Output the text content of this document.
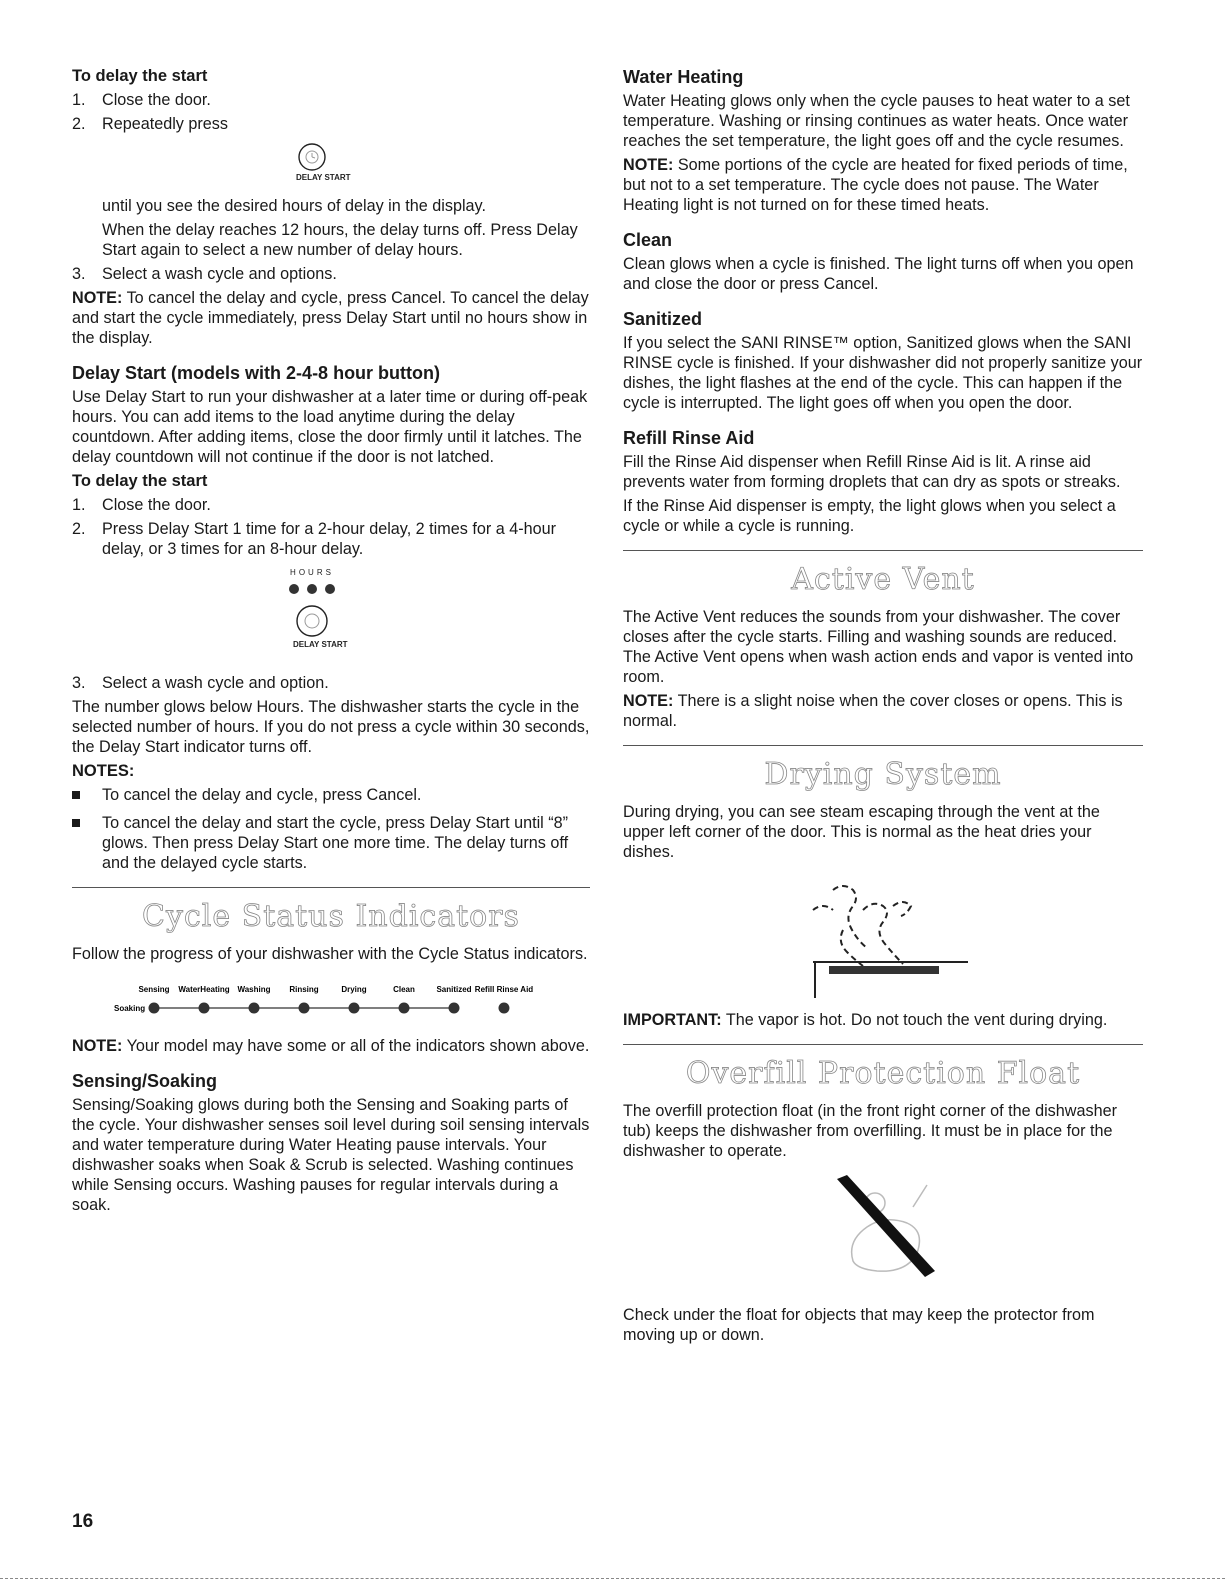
To delay the start
1. Close the door.
2. Repeatedly press
DELAY START

until you see the desired hours of delay in the display.

When the delay reaches 12 hours, the delay turns off. Press Delay Start again to select a new number of delay hours.

3. Select a wash cycle and options.

NOTE: To cancel the delay and cycle, press Cancel. To cancel the delay and start the cycle immediately, press Delay Start until no hours show in the display.

Delay Start (models with 2-4-8 hour button)

Use Delay Start to run your dishwasher at a later time or during off-peak hours. You can add items to the load anytime during the delay countdown. After adding items, close the door firmly until it latches. The delay countdown will not continue if the door is not latched.

To delay the start
1. Close the door.
2. Press Delay Start 1 time for a 2-hour delay, 2 times for a 4-hour delay, or 3 times for an 8-hour delay.
HOURS
DELAY START
3. Select a wash cycle and option.

The number glows below Hours. The dishwasher starts the cycle in the selected number of hours. If you do not press a cycle within 30 seconds, the Delay Start indicator turns off.

NOTES:
To cancel the delay and cycle, press Cancel.
To cancel the delay and start the cycle, press Delay Start until “8” glows. Then press Delay Start one more time. The delay turns off and the delayed cycle starts.
Cycle Status Indicators

Follow the progress of your dishwasher with the Cycle Status indicators.

Soaking
Sensing WaterHeating Washing Rinsing	Drying	Clean	Sanitized Refill Rinse Aid

NOTE: Your model may have some or all of the indicators shown above.

Sensing/Soaking

Sensing/Soaking glows during both the Sensing and Soaking parts of the cycle. Your dishwasher senses soil level during soil sensing intervals and water temperature during Water Heating pause intervals. Your dishwasher soaks when Soak & Scrub is selected. Washing continues while Sensing occurs. Washing pauses for regular intervals during a soak.

Water Heating

Water Heating glows only when the cycle pauses to heat water to a set temperature. Washing or rinsing continues as water heats. Once water reaches the set temperature, the light goes off and the cycle resumes.

NOTE: Some portions of the cycle are heated for fixed periods of time, but not to a set temperature. The cycle does not pause. The Water Heating light is not turned on for these timed heats.

Clean

Clean glows when a cycle is finished. The light turns off when you open and close the door or press Cancel.

Sanitized

If you select the SANI RINSE™ option, Sanitized glows when the SANI RINSE cycle is finished. If your dishwasher did not properly sanitize your dishes, the light flashes at the end of the cycle. This can happen if the cycle is interrupted. The light goes off when you open the door.

Refill Rinse Aid

Fill the Rinse Aid dispenser when Refill Rinse Aid is lit. A rinse aid prevents water from forming droplets that can dry as spots or streaks.

If the Rinse Aid dispenser is empty, the light glows when you select a cycle or while a cycle is running.

Active Vent

The Active Vent reduces the sounds from your dishwasher. The cover closes after the cycle starts. Filling and washing sounds are reduced. The Active Vent opens when wash action ends and vapor is vented into room.

NOTE: There is a slight noise when the cover closes or opens. This is normal.

Drying System

During drying, you can see steam escaping through the vent at the upper left corner of the door. This is normal as the heat dries your dishes.

IMPORTANT: The vapor is hot. Do not touch the vent during drying.

Overfill Protection Float

The overfill protection float (in the front right corner of the dishwasher tub) keeps the dishwasher from overfilling. It must be in place for the dishwasher to operate.

Check under the float for objects that may keep the protector from moving up or down.

16
